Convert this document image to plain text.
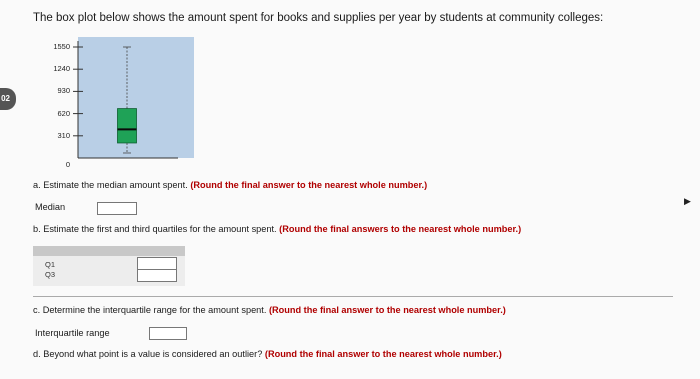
02
The box plot below shows the amount spent for books and supplies per year by students at community colleges:
1550
1240
930
620
310
0
a. Estimate the median amount spent. (Round the final answer to the nearest whole number.)
Median
b. Estimate the first and third quartiles for the amount spent. (Round the final answers to the nearest whole number.)
Q1
Q3
c. Determine the interquartile range for the amount spent. (Round the final answer to the nearest whole number.)
Interquartile range
d. Beyond what point is a value is considered an outlier? (Round the final answer to the nearest whole number.)
▶
